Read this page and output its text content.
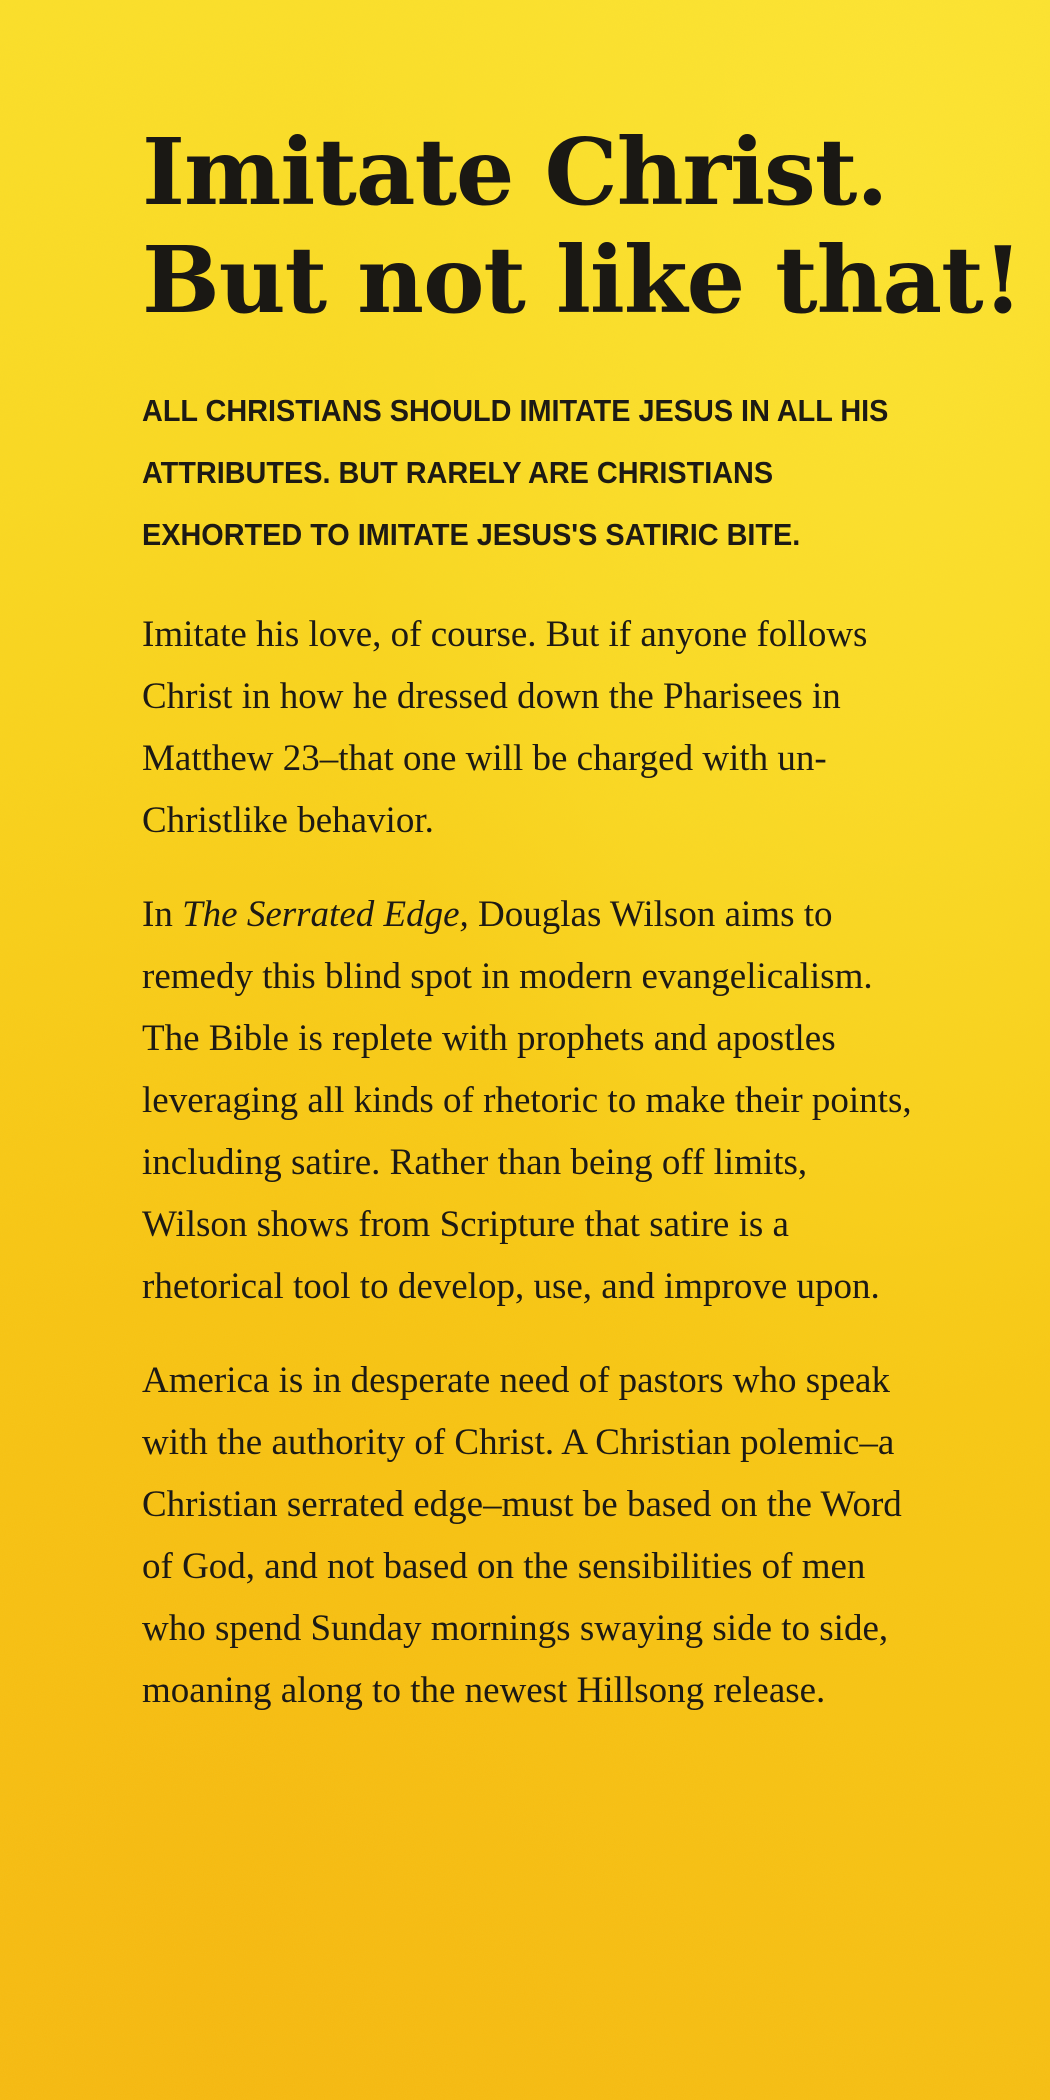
Imitate Christ.
But not like that!

ALL CHRISTIANS SHOULD IMITATE JESUS IN ALL HIS ATTRIBUTES. BUT RARELY ARE CHRISTIANS EXHORTED TO IMITATE JESUS'S SATIRIC BITE.

Imitate his love, of course. But if anyone follows Christ in how he dressed down the Pharisees in Matthew 23–that one will be charged with un-Christlike behavior.

In The Serrated Edge, Douglas Wilson aims to remedy this blind spot in modern evangelicalism. The Bible is replete with prophets and apostles leveraging all kinds of rhetoric to make their points, including satire. Rather than being off limits, Wilson shows from Scripture that satire is a rhetorical tool to develop, use, and improve upon.

America is in desperate need of pastors who speak with the authority of Christ. A Christian polemic–a Christian serrated edge–must be based on the Word of God, and not based on the sensibilities of men who spend Sunday mornings swaying side to side, moaning along to the newest Hillsong release.
